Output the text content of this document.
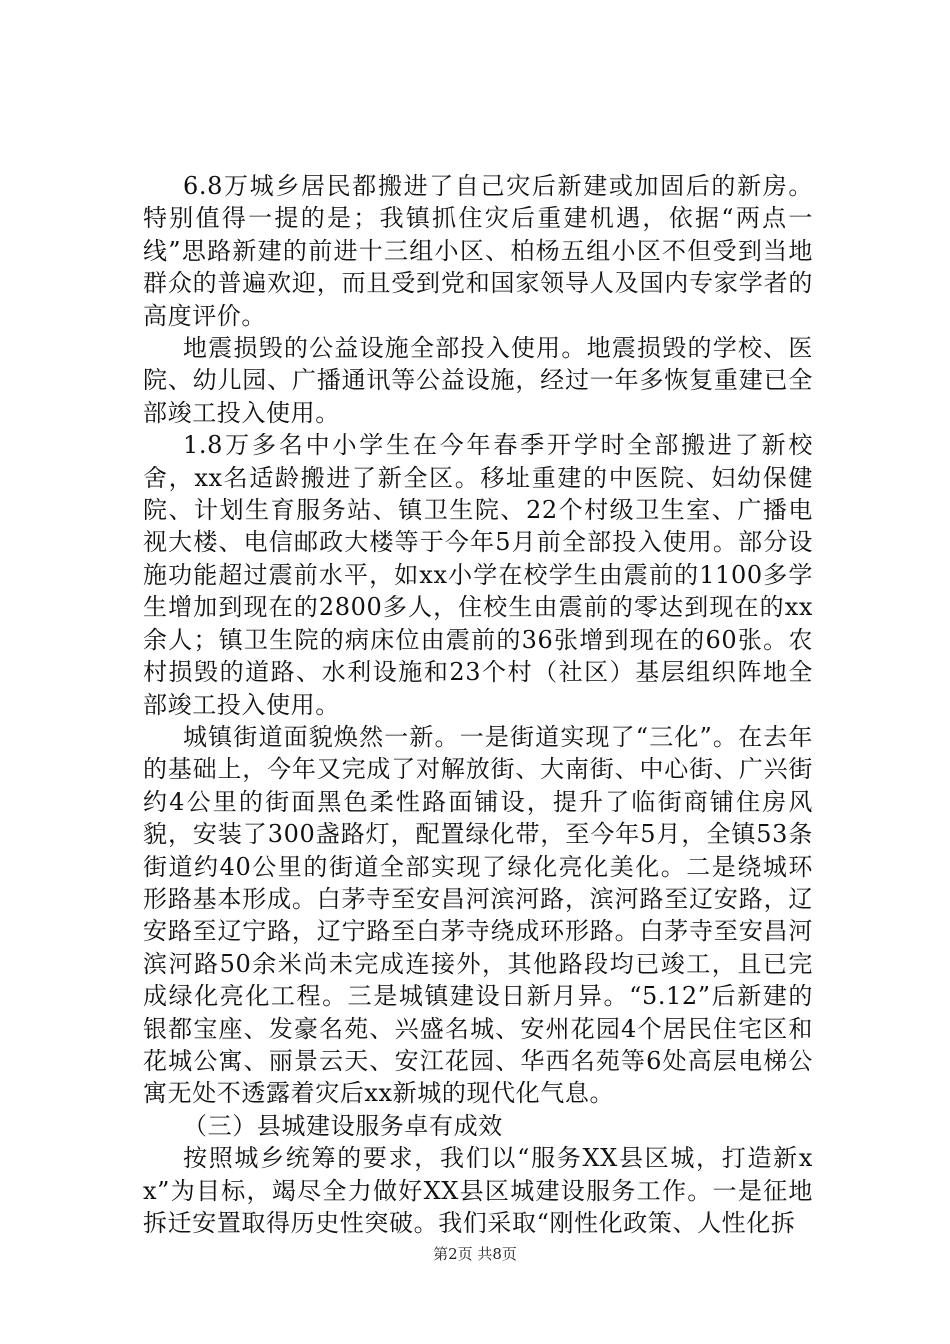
6.8万城乡居民都搬进了自己灾后新建或加固后的新房。特别值得一提的是；我镇抓住灾后重建机遇，依据“两点一线”思路新建的前进十三组小区、柏杨五组小区不但受到当地群众的普遍欢迎，而且受到党和国家领导人及国内专家学者的高度评价。

地震损毁的公益设施全部投入使用。地震损毁的学校、医院、幼儿园、广播通讯等公益设施，经过一年多恢复重建已全部竣工投入使用。

1.8万多名中小学生在今年春季开学时全部搬进了新校舍，xx名适龄搬进了新全区。移址重建的中医院、妇幼保健院、计划生育服务站、镇卫生院、22个村级卫生室、广播电视大楼、电信邮政大楼等于今年5月前全部投入使用。部分设施功能超过震前水平，如xx小学在校学生由震前的1100多学生增加到现在的2800多人，住校生由震前的零达到现在的xx余人；镇卫生院的病床位由震前的36张增到现在的60张。农村损毁的道路、水利设施和23个村（社区）基层组织阵地全部竣工投入使用。

城镇街道面貌焕然一新。一是街道实现了“三化”。在去年的基础上，今年又完成了对解放街、大南街、中心街、广兴街约4公里的街面黑色柔性路面铺设，提升了临街商铺住房风貌，安装了300盏路灯，配置绿化带，至今年5月，全镇53条街道约40公里的街道全部实现了绿化亮化美化。二是绕城环形路基本形成。白茅寺至安昌河滨河路，滨河路至辽安路，辽安路至辽宁路，辽宁路至白茅寺绕成环形路。白茅寺至安昌河滨河路50余米尚未完成连接外，其他路段均已竣工，且已完成绿化亮化工程。三是城镇建设日新月异。“5.12”后新建的银都宝座、发豪名苑、兴盛名城、安州花园4个居民住宅区和花城公寓、丽景云天、安江花园、华西名苑等6处高层电梯公寓无处不透露着灾后xx新城的现代化气息。

（三）县城建设服务卓有成效

按照城乡统筹的要求，我们以“服务XX县区城，打造新xx”为目标，竭尽全力做好XX县区城建设服务工作。一是征地拆迁安置取得历史性突破。我们采取“刚性化政策、人性化拆

第2页 共8页
